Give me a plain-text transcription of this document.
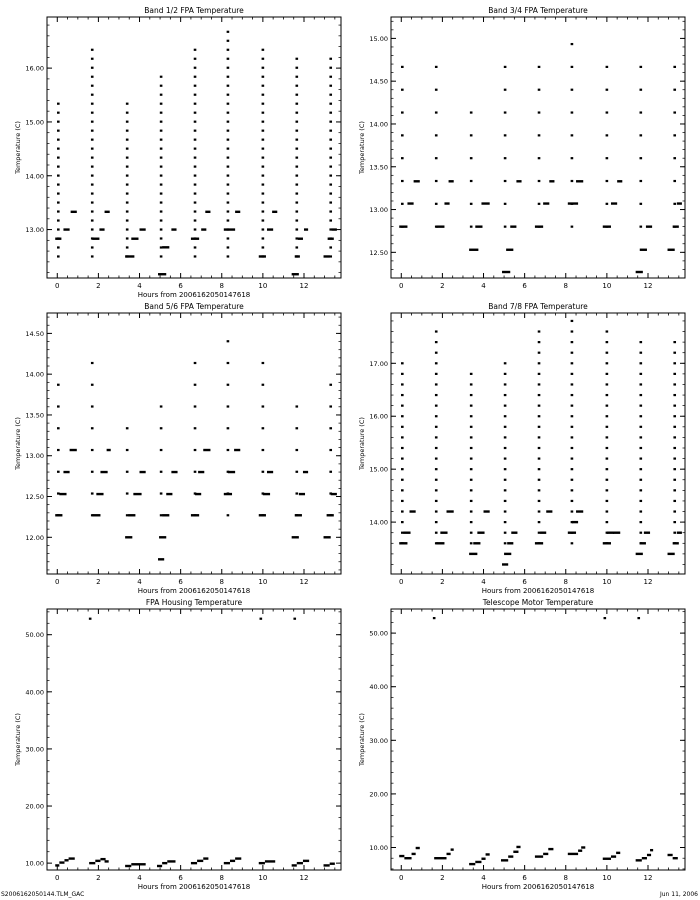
Band 1/2 FPA Temperature
0	2	4	6	8	10	12
13.00
14.00
15.00
16.00
Hours from 2006162050147618
Temperature (C)
Band 3/4 FPA Temperature
0	2	4	6	8	10	12
12.50
13.00
13.50
14.00
14.50
15.00
Temperature (C)
Band 5/6 FPA Temperature
0	2	4	6	8	10	12
12.00
12.50
13.00
13.50
14.00
14.50
Hours from 2006162050147618
Temperature (C)
Band 7/8 FPA Temperature
0	2	4	6	8	10	12
14.00
15.00
16.00
17.00
Hours from 2006162050147618
Temperature (C)
FPA Housing Temperature
0	2	4	6	8	10	12
10.00
20.00
30.00
40.00
50.00
Hours from 2006162050147618
Temperature (C)
Telescope Motor Temperature
0	2	4	6	8	10	12
10.00
20.00
30.00
40.00
50.00
Hours from 2006162050147618
Temperature (C)
S2006162050144.TLM_GAC	Jun 11, 2006
